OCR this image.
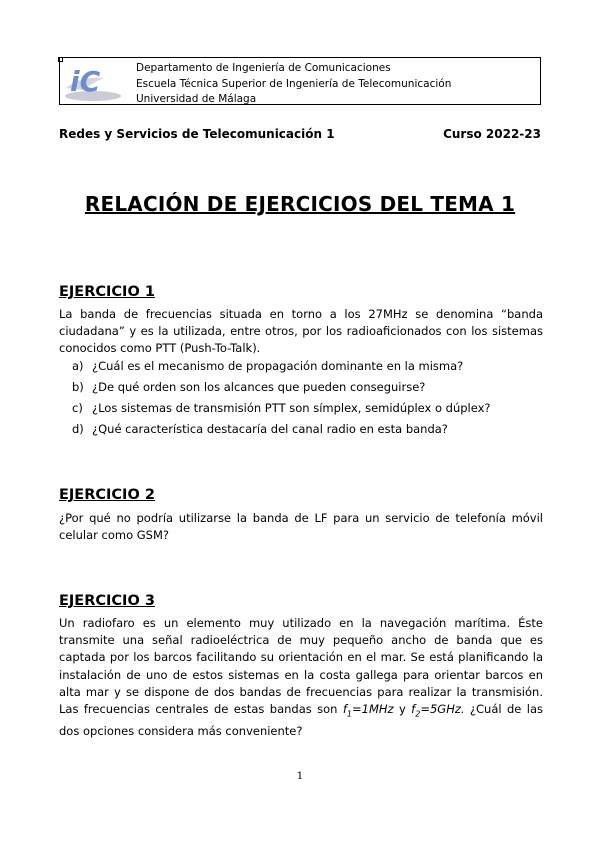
iC	Departamento de Ingeniería de Comunicaciones
Escuela Técnica Superior de Ingeniería de Telecomunicación
Universidad de Málaga
Redes y Servicios de Telecomunicación 1	Curso 2022-23
RELACIÓN DE EJERCICIOS DEL TEMA 1
EJERCICIO 1
La banda de frecuencias situada en torno a los 27MHz se denomina “banda ciudadana” y es la utilizada, entre otros, por los radioaficionados con los sistemas conocidos como PTT (Push-To-Talk).
a) ¿Cuál es el mecanismo de propagación dominante en la misma?
b) ¿De qué orden son los alcances que pueden conseguirse?
c) ¿Los sistemas de transmisión PTT son símplex, semidúplex o dúplex?
d) ¿Qué característica destacaría del canal radio en esta banda?
EJERCICIO 2
¿Por qué no podría utilizarse la banda de LF para un servicio de telefonía móvil celular como GSM?
EJERCICIO 3
Un radiofaro es un elemento muy utilizado en la navegación marítima. Éste transmite una señal radioeléctrica de muy pequeño ancho de banda que es captada por los barcos facilitando su orientación en el mar. Se está planificando la instalación de uno de estos sistemas en la costa gallega para orientar barcos en alta mar y se dispone de dos bandas de frecuencias para realizar la transmisión. Las frecuencias centrales de estas bandas son $f_1=1MHz$ y $f_2=5GHz$. ¿Cuál de las dos opciones considera más conveniente?
1
